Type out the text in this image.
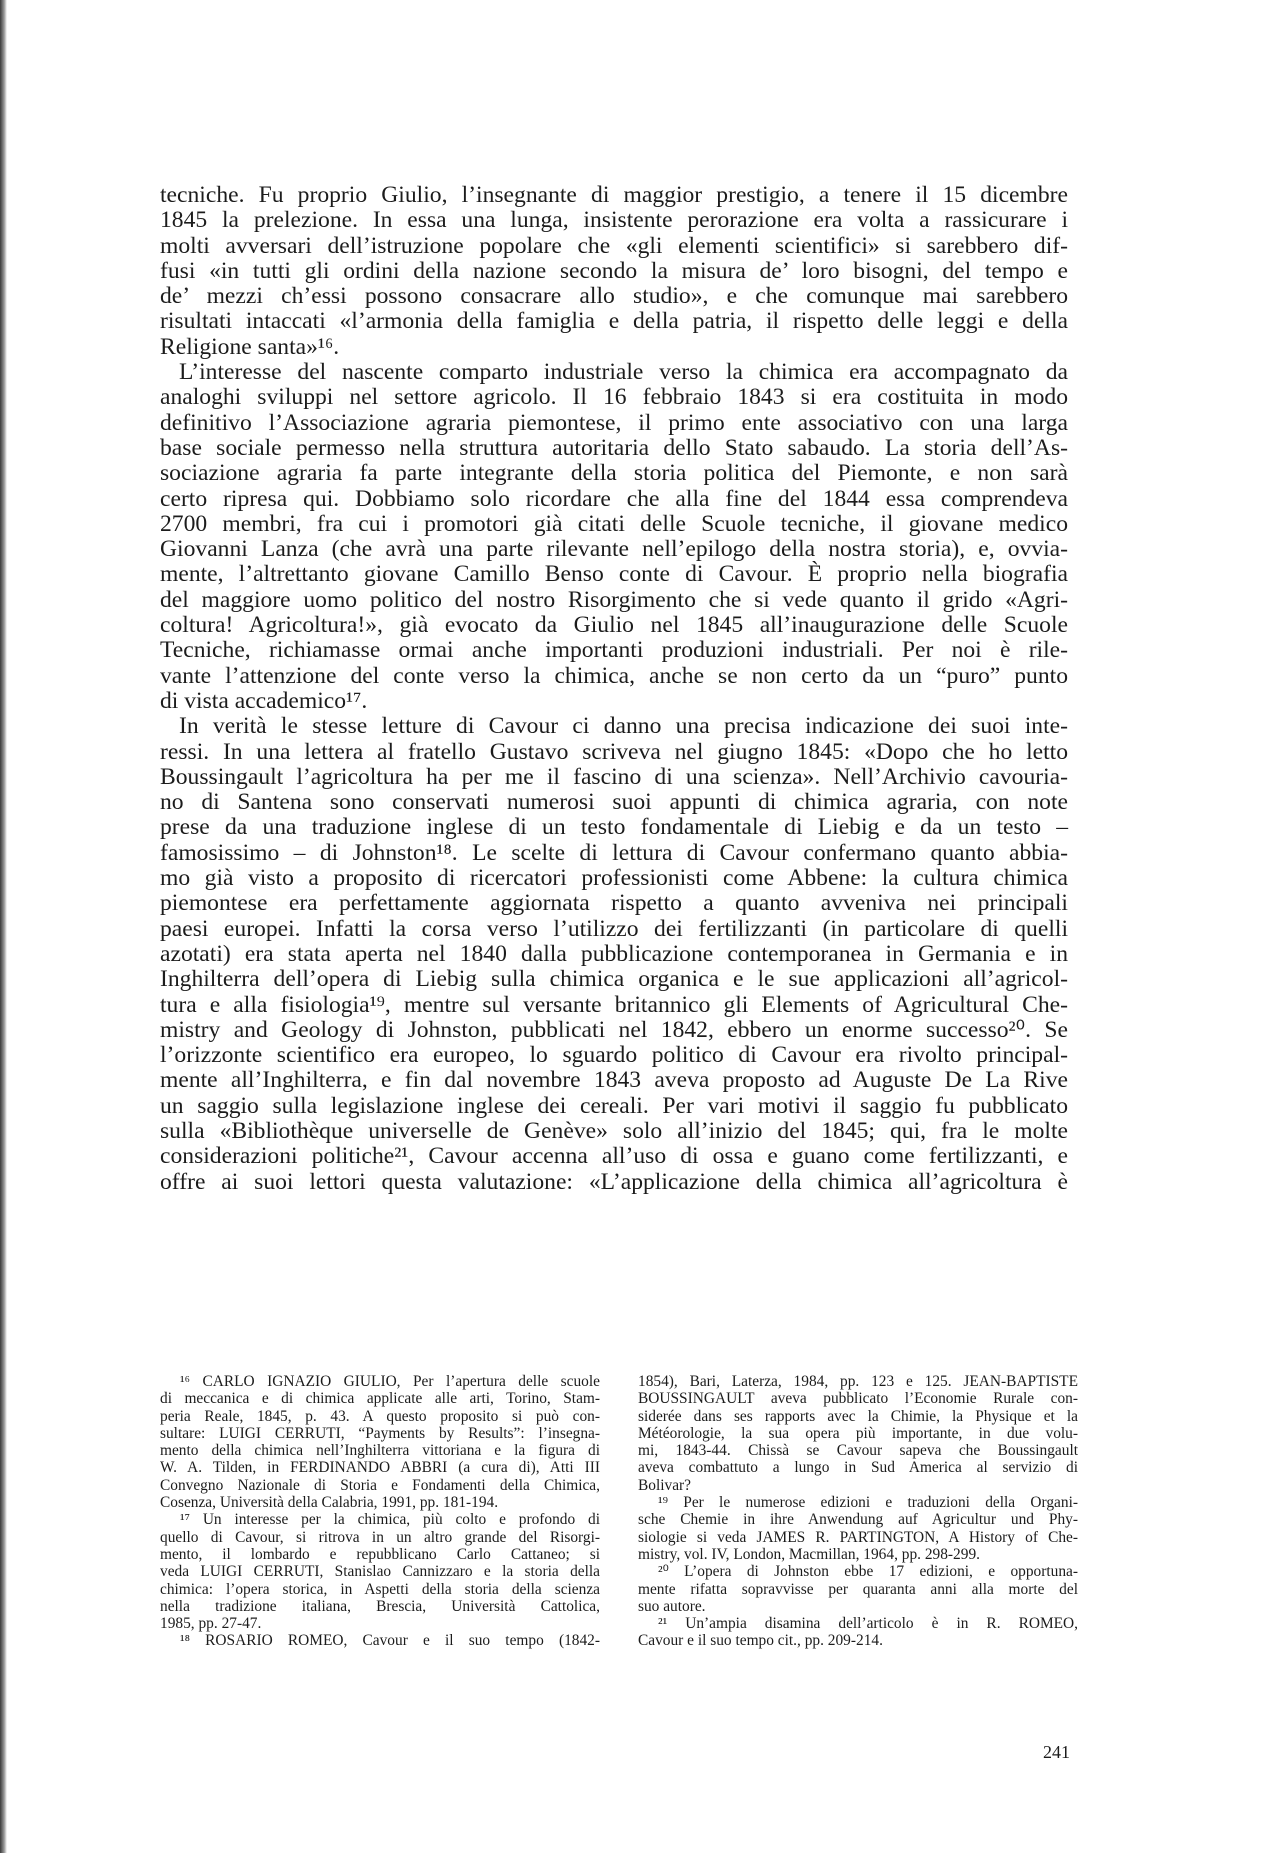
tecniche. Fu proprio Giulio, l’insegnante di maggior prestigio, a tenere il 15 dicembre
1845 la prelezione. In essa una lunga, insistente perorazione era volta a rassicurare i
molti avversari dell’istruzione popolare che «gli elementi scientifici» si sarebbero dif-
fusi «in tutti gli ordini della nazione secondo la misura de’ loro bisogni, del tempo e
de’ mezzi ch’essi possono consacrare allo studio», e che comunque mai sarebbero
risultati intaccati «l’armonia della famiglia e della patria, il rispetto delle leggi e della
Religione santa»¹⁶.
L’interesse del nascente comparto industriale verso la chimica era accompagnato da
analoghi sviluppi nel settore agricolo. Il 16 febbraio 1843 si era costituita in modo
definitivo l’Associazione agraria piemontese, il primo ente associativo con una larga
base sociale permesso nella struttura autoritaria dello Stato sabaudo. La storia dell’As-
sociazione agraria fa parte integrante della storia politica del Piemonte, e non sarà
certo ripresa qui. Dobbiamo solo ricordare che alla fine del 1844 essa comprendeva
2700 membri, fra cui i promotori già citati delle Scuole tecniche, il giovane medico
Giovanni Lanza (che avrà una parte rilevante nell’epilogo della nostra storia), e, ovvia-
mente, l’altrettanto giovane Camillo Benso conte di Cavour. È proprio nella biografia
del maggiore uomo politico del nostro Risorgimento che si vede quanto il grido «Agri-
coltura! Agricoltura!», già evocato da Giulio nel 1845 all’inaugurazione delle Scuole
Tecniche, richiamasse ormai anche importanti produzioni industriali. Per noi è rile-
vante l’attenzione del conte verso la chimica, anche se non certo da un “puro” punto
di vista accademico¹⁷.
In verità le stesse letture di Cavour ci danno una precisa indicazione dei suoi inte-
ressi. In una lettera al fratello Gustavo scriveva nel giugno 1845: «Dopo che ho letto
Boussingault l’agricoltura ha per me il fascino di una scienza». Nell’Archivio cavouria-
no di Santena sono conservati numerosi suoi appunti di chimica agraria, con note
prese da una traduzione inglese di un testo fondamentale di Liebig e da un testo –
famosissimo – di Johnston¹⁸. Le scelte di lettura di Cavour confermano quanto abbia-
mo già visto a proposito di ricercatori professionisti come Abbene: la cultura chimica
piemontese era perfettamente aggiornata rispetto a quanto avveniva nei principali
paesi europei. Infatti la corsa verso l’utilizzo dei fertilizzanti (in particolare di quelli
azotati) era stata aperta nel 1840 dalla pubblicazione contemporanea in Germania e in
Inghilterra dell’opera di Liebig sulla chimica organica e le sue applicazioni all’agricol-
tura e alla fisiologia¹⁹, mentre sul versante britannico gli Elements of Agricultural Che-
mistry and Geology di Johnston, pubblicati nel 1842, ebbero un enorme successo²⁰. Se
l’orizzonte scientifico era europeo, lo sguardo politico di Cavour era rivolto principal-
mente all’Inghilterra, e fin dal novembre 1843 aveva proposto ad Auguste De La Rive
un saggio sulla legislazione inglese dei cereali. Per vari motivi il saggio fu pubblicato
sulla «Bibliothèque universelle de Genève» solo all’inizio del 1845; qui, fra le molte
considerazioni politiche²¹, Cavour accenna all’uso di ossa e guano come fertilizzanti, e
offre ai suoi lettori questa valutazione: «L’applicazione della chimica all’agricoltura è
¹⁶ CARLO IGNAZIO GIULIO, Per l’apertura delle scuole
di meccanica e di chimica applicate alle arti, Torino, Stam-
peria Reale, 1845, p. 43. A questo proposito si può con-
sultare: LUIGI CERRUTI, “Payments by Results”: l’insegna-
mento della chimica nell’Inghilterra vittoriana e la figura di
W. A. Tilden, in FERDINANDO ABBRI (a cura di), Atti III
Convegno Nazionale di Storia e Fondamenti della Chimica,
Cosenza, Università della Calabria, 1991, pp. 181-194.
¹⁷ Un interesse per la chimica, più colto e profondo di
quello di Cavour, si ritrova in un altro grande del Risorgi-
mento, il lombardo e repubblicano Carlo Cattaneo; si
veda LUIGI CERRUTI, Stanislao Cannizzaro e la storia della
chimica: l’opera storica, in Aspetti della storia della scienza
nella tradizione italiana, Brescia, Università Cattolica,
1985, pp. 27-47.
¹⁸ ROSARIO ROMEO, Cavour e il suo tempo (1842-
1854), Bari, Laterza, 1984, pp. 123 e 125. JEAN-BAPTISTE
BOUSSINGAULT aveva pubblicato l’Economie Rurale con-
siderée dans ses rapports avec la Chimie, la Physique et la
Météorologie, la sua opera più importante, in due volu-
mi, 1843-44. Chissà se Cavour sapeva che Boussingault
aveva combattuto a lungo in Sud America al servizio di
Bolivar?
¹⁹ Per le numerose edizioni e traduzioni della Organi-
sche Chemie in ihre Anwendung auf Agricultur und Phy-
siologie si veda JAMES R. PARTINGTON, A History of Che-
mistry, vol. IV, London, Macmillan, 1964, pp. 298-299.
²⁰ L’opera di Johnston ebbe 17 edizioni, e opportuna-
mente rifatta sopravvisse per quaranta anni alla morte del
suo autore.
²¹ Un’ampia disamina dell’articolo è in R. ROMEO,
Cavour e il suo tempo cit., pp. 209-214.
241
